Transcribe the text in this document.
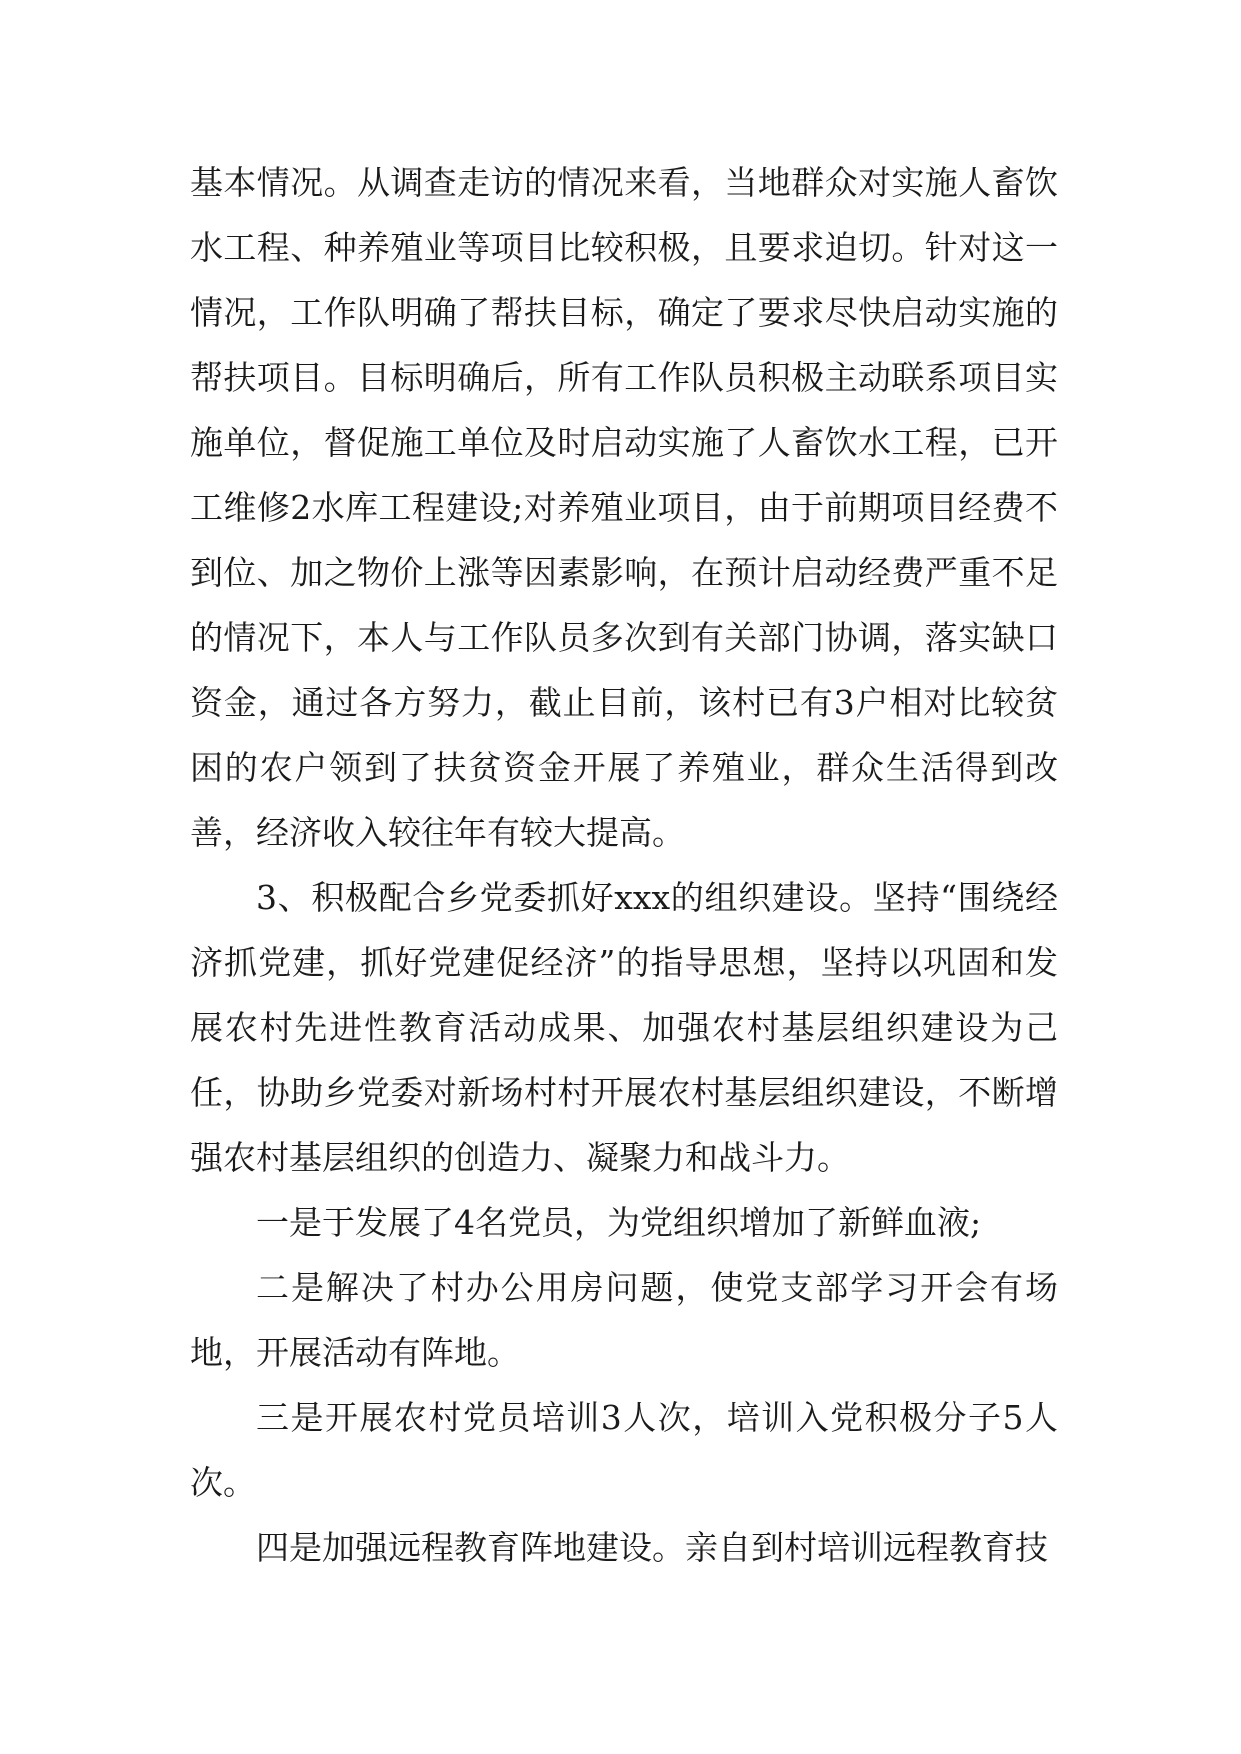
基本情况。从调查走访的情况来看，当地群众对实施人畜饮水工程、种养殖业等项目比较积极，且要求迫切。针对这一情况，工作队明确了帮扶目标，确定了要求尽快启动实施的帮扶项目。目标明确后，所有工作队员积极主动联系项目实施单位，督促施工单位及时启动实施了人畜饮水工程，已开工维修2水库工程建设;对养殖业项目，由于前期项目经费不到位、加之物价上涨等因素影响，在预计启动经费严重不足的情况下，本人与工作队员多次到有关部门协调，落实缺口资金，通过各方努力，截止目前，该村已有3户相对比较贫困的农户领到了扶贫资金开展了养殖业，群众生活得到改善，经济收入较往年有较大提高。

3、积极配合乡党委抓好xxx的组织建设。坚持“围绕经济抓党建，抓好党建促经济”的指导思想，坚持以巩固和发展农村先进性教育活动成果、加强农村基层组织建设为己任，协助乡党委对新场村村开展农村基层组织建设，不断增强农村基层组织的创造力、凝聚力和战斗力。

一是于发展了4名党员，为党组织增加了新鲜血液;

二是解决了村办公用房问题，使党支部学习开会有场地，开展活动有阵地。

三是开展农村党员培训3人次，培训入党积极分子5人次。

四是加强远程教育阵地建设。亲自到村培训远程教育技
